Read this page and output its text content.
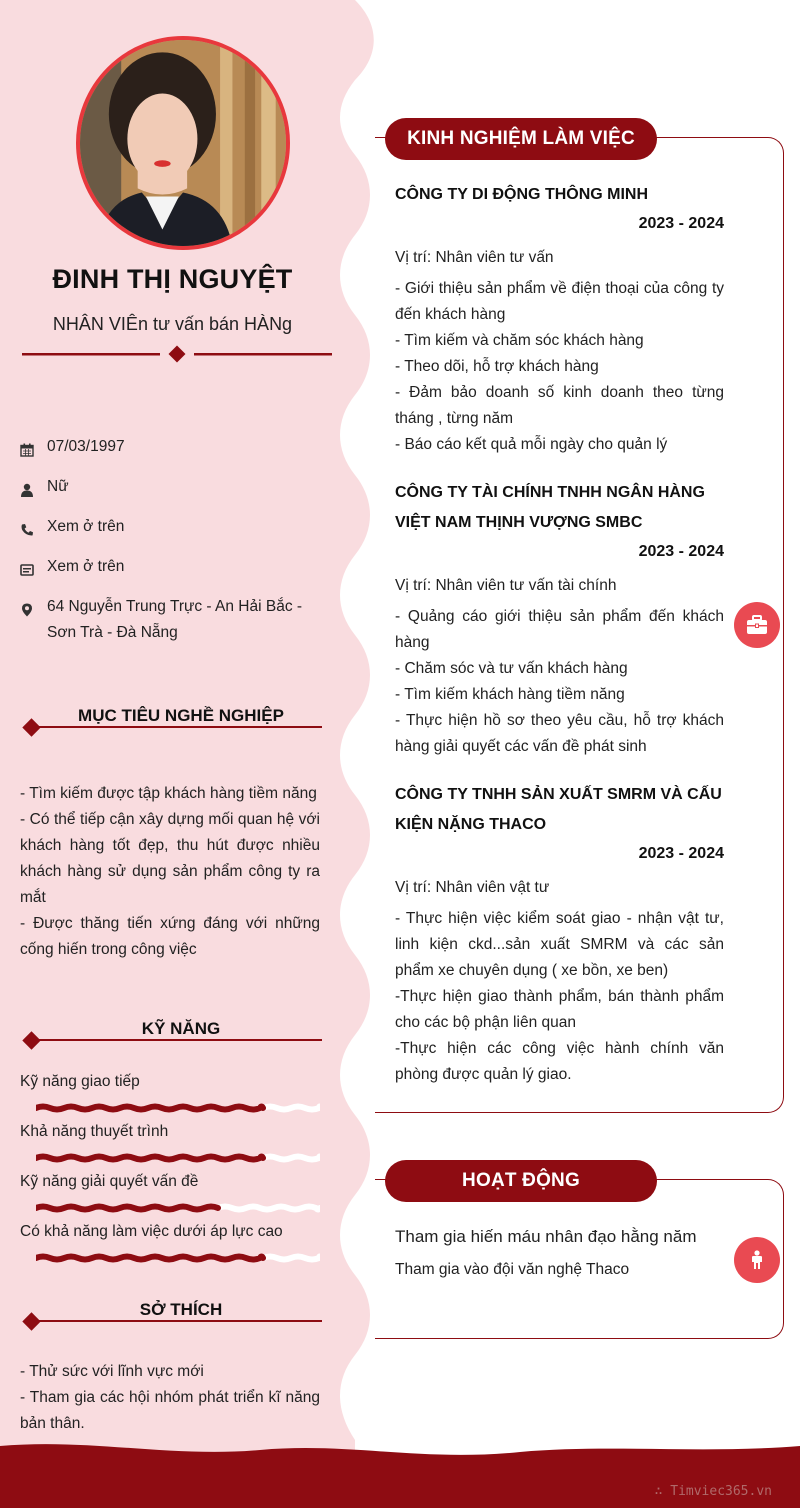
ĐINH THỊ NGUYỆT
NHÂN VIÊn tư vấn bán HÀNg
07/03/1997
Nữ
Xem ở trên
Xem ở trên
64 Nguyễn Trung Trực - An Hải Bắc - Sơn Trà - Đà Nẵng
MỤC TIÊU NGHỀ NGHIỆP
- Tìm kiếm được tập khách hàng tiềm năng
- Có thể tiếp cận xây dựng mối quan hệ với khách hàng tốt đẹp, thu hút được nhiều khách hàng sử dụng sản phẩm công ty ra mắt
- Được thăng tiến xứng đáng với những cống hiến trong công việc
KỸ NĂNG
Kỹ năng giao tiếp
Khả năng thuyết trình
Kỹ năng giải quyết vấn đề
Có khả năng làm việc dưới áp lực cao
SỞ THÍCH
- Thử sức với lĩnh vực mới
- Tham gia các hội nhóm phát triển kĩ năng bản thân.
KINH NGHIỆM LÀM VIỆC
CÔNG TY DI ĐỘNG THÔNG MINH
2023 - 2024
Vị trí: Nhân viên tư vấn
- Giới thiệu sản phẩm về điện thoại của công ty đến khách hàng
- Tìm kiếm và chăm sóc khách hàng
- Theo dõi, hỗ trợ khách hàng
- Đảm bảo doanh số kinh doanh theo từng tháng , từng năm
- Báo cáo kết quả mỗi ngày cho quản lý
CÔNG TY TÀI CHÍNH TNHH NGÂN HÀNG VIỆT NAM THỊNH VƯỢNG SMBC
2023 - 2024
Vị trí: Nhân viên tư vấn tài chính
- Quảng cáo giới thiệu sản phẩm đến khách hàng
- Chăm sóc và tư vấn khách hàng
- Tìm kiếm khách hàng tiềm năng
- Thực hiện hồ sơ theo yêu cầu, hỗ trợ khách hàng giải quyết các vấn đề phát sinh
CÔNG TY TNHH SẢN XUẤT SMRM VÀ CẤU KIỆN NẶNG THACO
2023 - 2024
Vị trí: Nhân viên vật tư
- Thực hiện việc kiểm soát giao - nhận vật tư, linh kiện ckd...sản xuất SMRM và các sản phẩm xe chuyên dụng ( xe bồn, xe ben)
-Thực hiện giao thành phẩm, bán thành phẩm cho các bộ phận liên quan
-Thực hiện các công việc hành chính văn phòng được quản lý giao.
HOẠT ĐỘNG
Tham gia hiến máu nhân đạo hằng năm
Tham gia vào đội văn nghệ Thaco
∴ Timviec365.vn
